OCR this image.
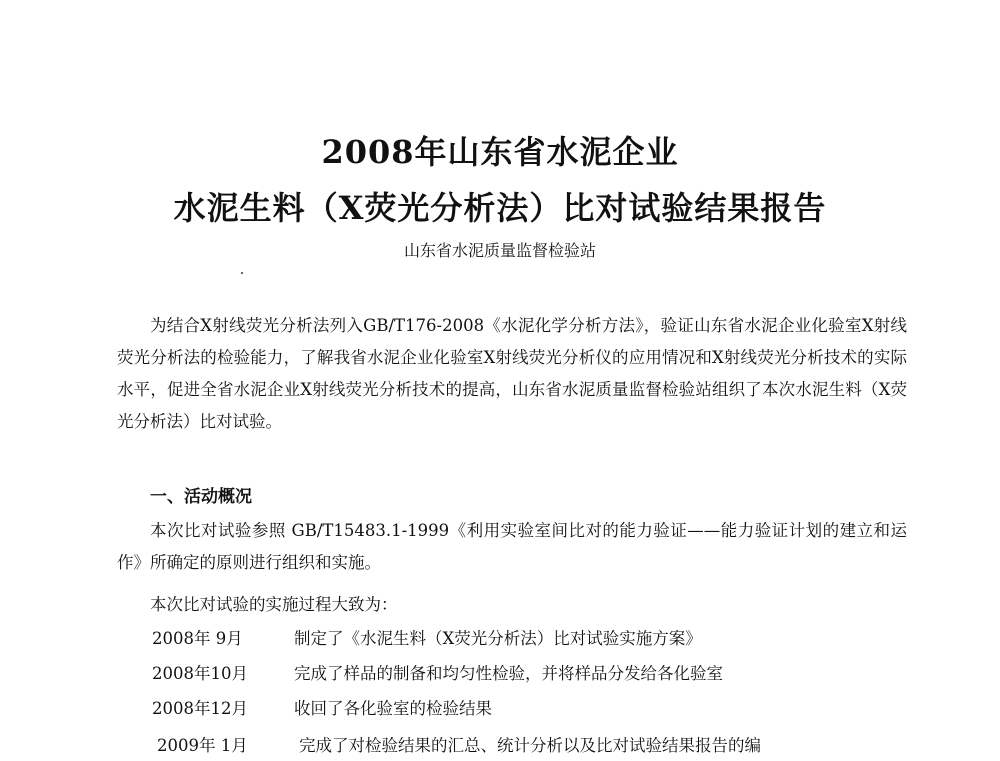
2008年山东省水泥企业
水泥生料（X荧光分析法）比对试验结果报告
山东省水泥质量监督检验站

为结合X射线荧光分析法列入GB/T176-2008《水泥化学分析方法》，验证山东省水泥企业化验室X射线荧光分析法的检验能力，了解我省水泥企业化验室X射线荧光分析仪的应用情况和X射线荧光分析技术的实际水平，促进全省水泥企业X射线荧光分析技术的提高，山东省水泥质量监督检验站组织了本次水泥生料（X荧光分析法）比对试验。

一、活动概况

本次比对试验参照 GB/T15483.1-1999《利用实验室间比对的能力验证——能力验证计划的建立和运作》所确定的原则进行组织和实施。

本次比对试验的实施过程大致为：

2008年 9月	制定了《水泥生料（X荧光分析法）比对试验实施方案》
2008年10月	完成了样品的制备和均匀性检验，并将样品分发给各化验室
2008年12月	收回了各化验室的检验结果
2009年 1月	完成了对检验结果的汇总、统计分析以及比对试验结果报告的编
